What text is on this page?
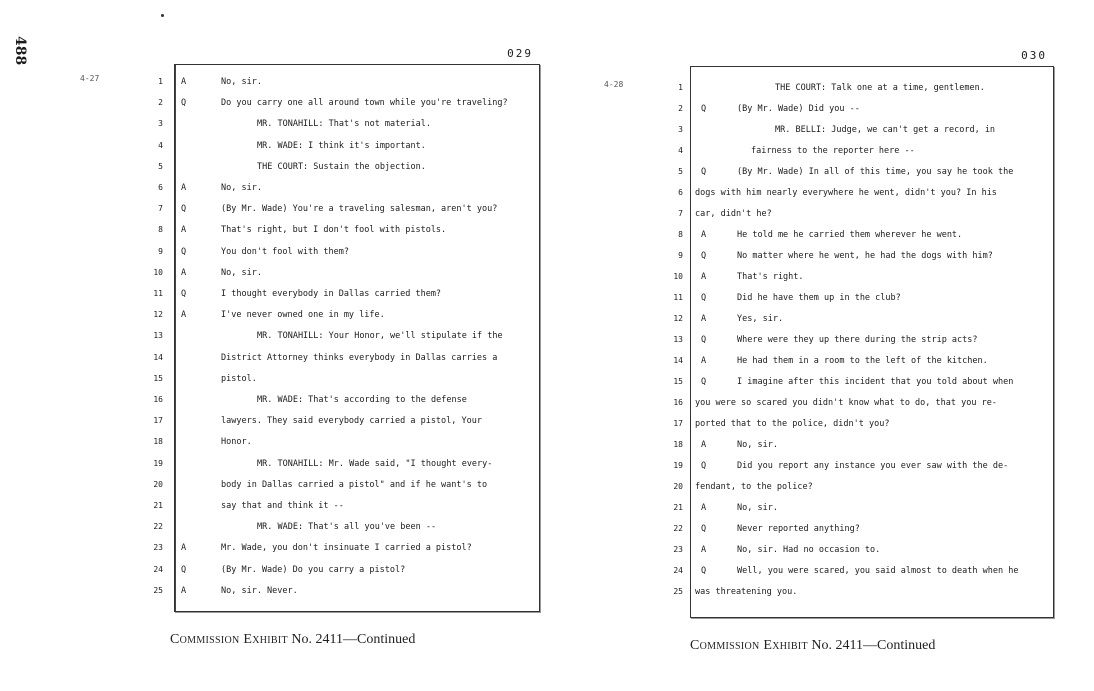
488
4-27
029
1 A	No, sir.
2 Q	Do you carry one all around town while you're traveling?
3	MR. TONAHILL: That's not material.
4	MR. WADE: I think it's important.
5	THE COURT: Sustain the objection.
6 A	No, sir.
7 Q	(By Mr. Wade) You're a traveling salesman, aren't you?
8 A	That's right, but I don't fool with pistols.
9 Q	You don't fool with them?
10 A	No, sir.
11 Q	I thought everybody in Dallas carried them?
12 A	I've never owned one in my life.
13	MR. TONAHILL: Your Honor, we'll stipulate if the
14	District Attorney thinks everybody in Dallas carries a
15	pistol.
16	MR. WADE: That's according to the defense
17	lawyers. They said everybody carried a pistol, Your
18	Honor.
19	MR. TONAHILL: Mr. Wade said, "I thought every-
20	body in Dallas carried a pistol" and if he want's to
21	say that and think it --
22	MR. WADE: That's all you've been --
23 A	Mr. Wade, you don't insinuate I carried a pistol?
24 Q	(By Mr. Wade) Do you carry a pistol?
25 A	No, sir. Never.
Commission Exhibit No. 2411—Continued
4-28
030
1	THE COURT: Talk one at a time, gentlemen.
2 Q	(By Mr. Wade) Did you --
3	MR. BELLI: Judge, we can't get a record, in
4	fairness to the reporter here --
5 Q	(By Mr. Wade) In all of this time, you say he took the
6 dogs with him nearly everywhere he went, didn't you? In his
7 car, didn't he?
8 A	He told me he carried them wherever he went.
9 Q	No matter where he went, he had the dogs with him?
10 A	That's right.
11 Q	Did he have them up in the club?
12 A	Yes, sir.
13 Q	Where were they up there during the strip acts?
14 A	He had them in a room to the left of the kitchen.
15 Q	I imagine after this incident that you told about when
16 you were so scared you didn't know what to do, that you re-
17 ported that to the police, didn't you?
18 A	No, sir.
19 Q	Did you report any instance you ever saw with the de-
20 fendant, to the police?
21 A	No, sir.
22 Q	Never reported anything?
23 A	No, sir. Had no occasion to.
24 Q	Well, you were scared, you said almost to death when he
25 was threatening you.
Commission Exhibit No. 2411—Continued
